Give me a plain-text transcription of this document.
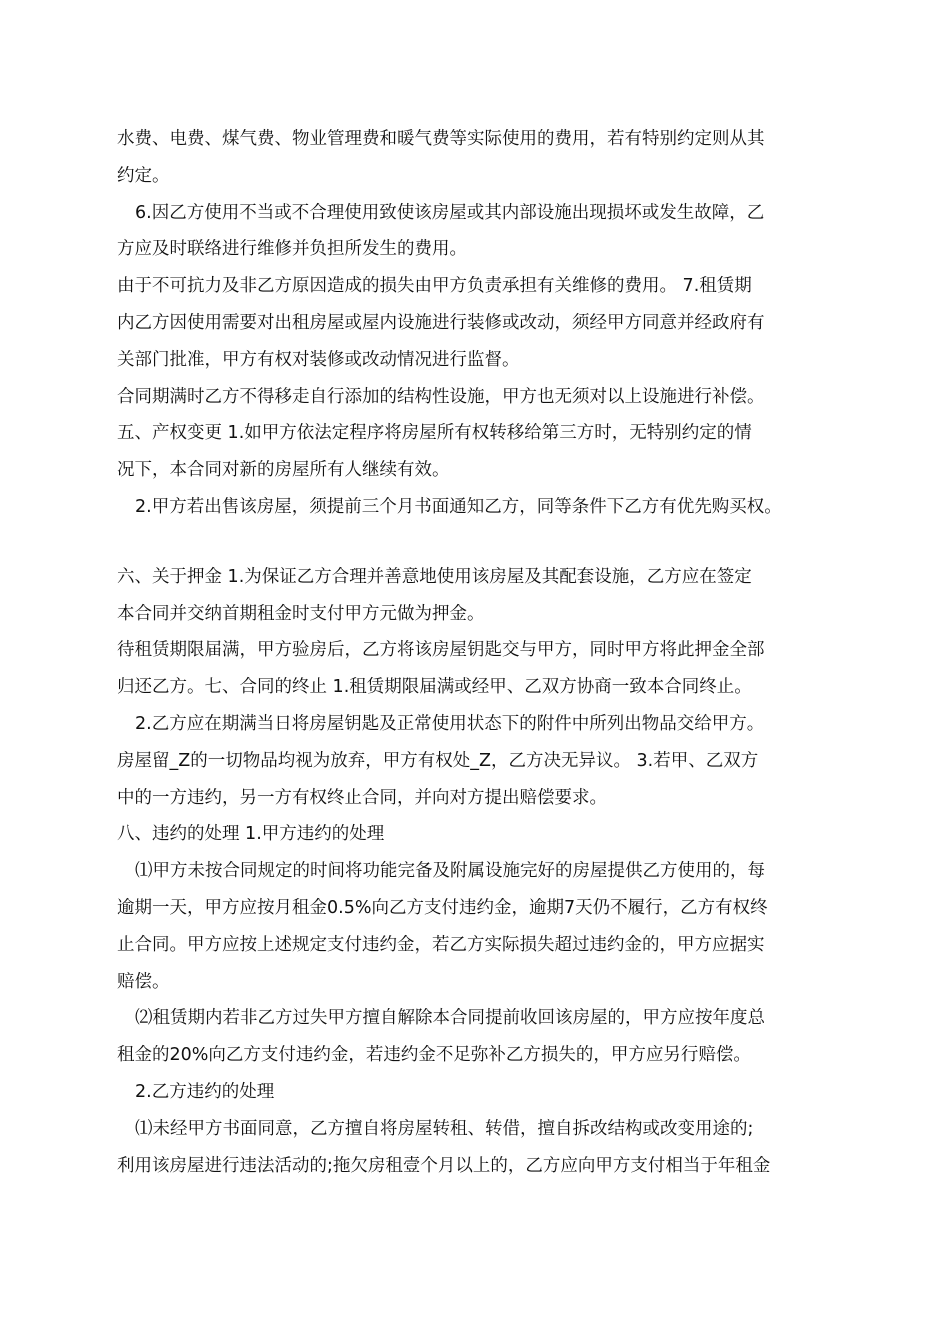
水费、电费、煤气费、物业管理费和暖气费等实际使用的费用，若有特别约定则从其
约定。
6.因乙方使用不当或不合理使用致使该房屋或其内部设施出现损坏或发生故障，乙
方应及时联络进行维修并负担所发生的费用。
由于不可抗力及非乙方原因造成的损失由甲方负责承担有关维修的费用。 7.租赁期
内乙方因使用需要对出租房屋或屋内设施进行装修或改动，须经甲方同意并经政府有
关部门批准，甲方有权对装修或改动情况进行监督。
合同期满时乙方不得移走自行添加的结构性设施，甲方也无须对以上设施进行补偿。
五、产权变更 1.如甲方依法定程序将房屋所有权转移给第三方时，无特别约定的情
况下，本合同对新的房屋所有人继续有效。
2.甲方若出售该房屋，须提前三个月书面通知乙方，同等条件下乙方有优先购买权。
六、关于押金 1.为保证乙方合理并善意地使用该房屋及其配套设施，乙方应在签定
本合同并交纳首期租金时支付甲方元做为押金。
待租赁期限届满，甲方验房后，乙方将该房屋钥匙交与甲方，同时甲方将此押金全部
归还乙方。七、合同的终止 1.租赁期限届满或经甲、乙双方协商一致本合同终止。
2.乙方应在期满当日将房屋钥匙及正常使用状态下的附件中所列出物品交给甲方。
房屋留_Z的一切物品均视为放弃，甲方有权处_Z，乙方决无异议。 3.若甲、乙双方
中的一方违约，另一方有权终止合同，并向对方提出赔偿要求。
八、违约的处理 1.甲方违约的处理
⑴甲方未按合同规定的时间将功能完备及附属设施完好的房屋提供乙方使用的，每
逾期一天，甲方应按月租金0.5%向乙方支付违约金，逾期7天仍不履行，乙方有权终
止合同。甲方应按上述规定支付违约金，若乙方实际损失超过违约金的，甲方应据实
赔偿。
⑵租赁期内若非乙方过失甲方擅自解除本合同提前收回该房屋的，甲方应按年度总
租金的20%向乙方支付违约金，若违约金不足弥补乙方损失的，甲方应另行赔偿。
2.乙方违约的处理
⑴未经甲方书面同意，乙方擅自将房屋转租、转借，擅自拆改结构或改变用途的;
利用该房屋进行违法活动的;拖欠房租壹个月以上的，乙方应向甲方支付相当于年租金
